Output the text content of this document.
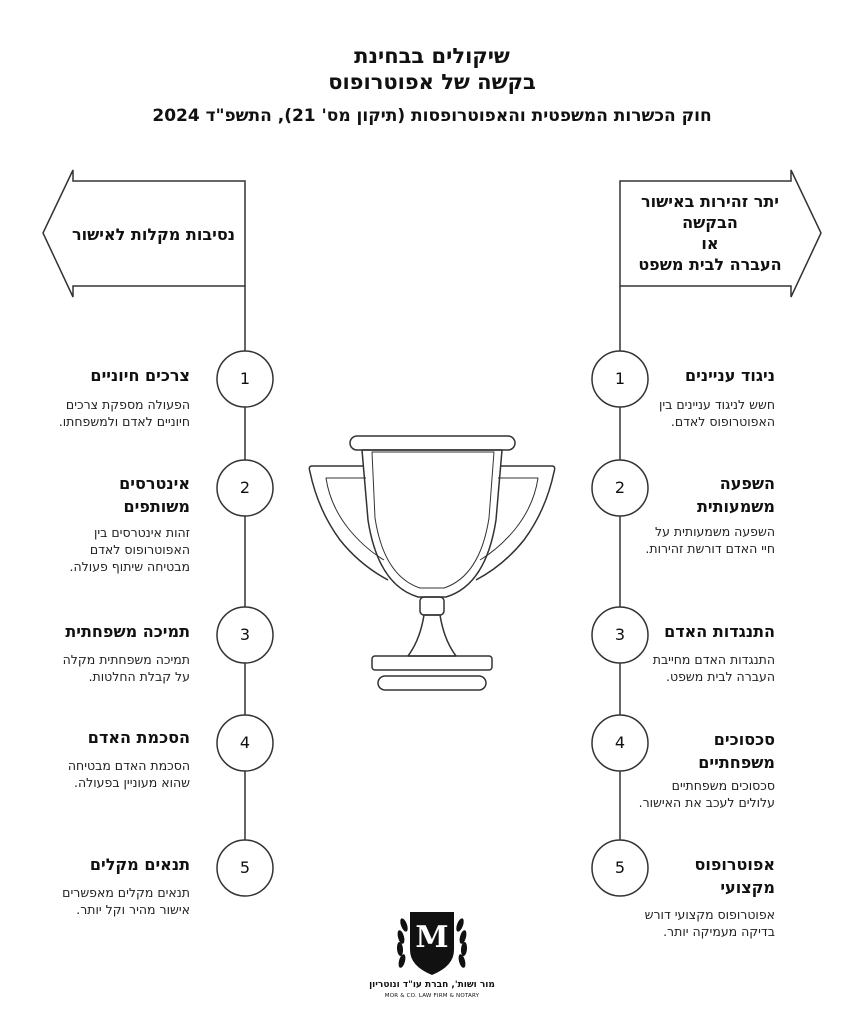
שיקולים בבחינת
בקשה של אפוטרופוס
חוק הכשרות המשפטית והאפוטרופסות (תיקון מס' 21), התשפ"ד 2024
יתר זהירות באישור
הבקשה
או
העברה לבית משפט
נסיבות מקלות לאישור
1
2
3
4
5
1
2
3
4
5
ניגוד עניינים
חשש לניגוד עניינים בין
האפוטרופוס לאדם.
השפעה
משמעותית
השפעה משמעותית על
חיי האדם דורשת זהירות.
התנגדות האדם
התנגדות האדם מחייבת
העברה לבית משפט.
סכסוכים
משפחתיים
סכסוכים משפחתיים
עלולים לעכב את האישור.
אפוטרופוס
מקצועי
אפוטרופוס מקצועי דורש
בדיקה מעמיקה יותר.
צרכים חיוניים
הפעולה מספקת צרכים
חיוניים לאדם ולמשפחתו.
אינטרסים
משותפים
זהות אינטרסים בין
האפוטרופוס לאדם
מבטיחה שיתוף פעולה.
תמיכה משפחתית
תמיכה משפחתית מקלה
על קבלת החלטות.
הסכמת האדם
הסכמת האדם מבטיחה
שהוא מעוניין בפעולה.
תנאים מקלים
תנאים מקלים מאפשרים
אישור מהיר וקל יותר.
M
מור ושות', חברת עו"ד ונוטריון
MOR & CO. LAW FIRM & NOTARY
